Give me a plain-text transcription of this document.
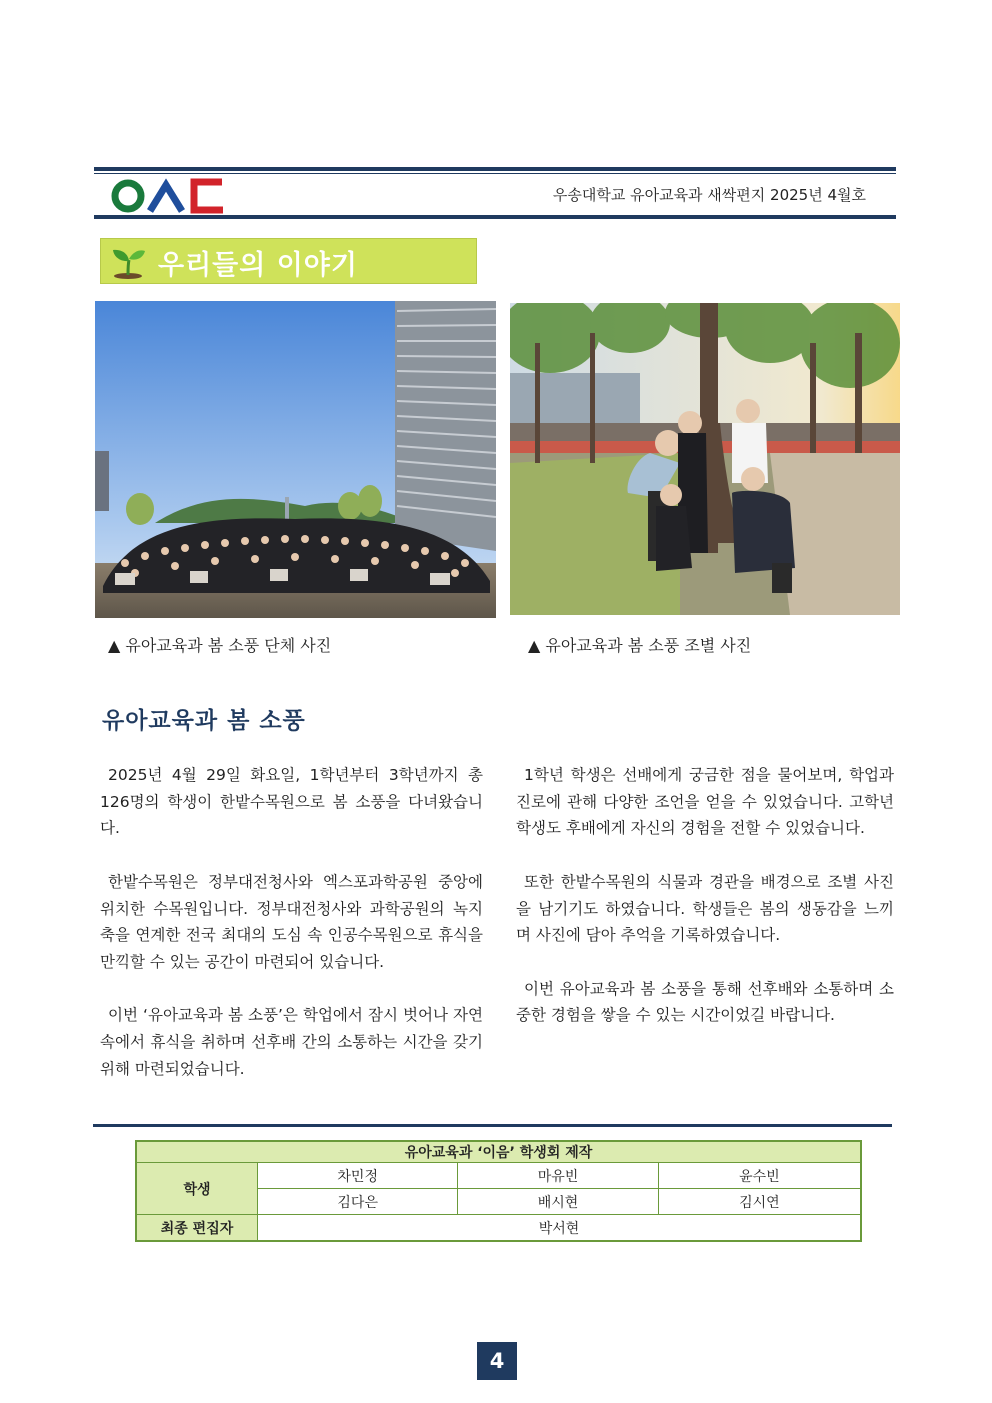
우송대학교 유아교육과 새싹편지 2025년 4월호
우리들의 이야기
▲ 유아교육과 봄 소풍 단체 사진	▲ 유아교육과 봄 소풍 조별 사진
유아교육과 봄 소풍

2025년 4월 29일 화요일, 1학년부터 3학년까지 총 126명의 학생이 한밭수목원으로 봄 소풍을 다녀왔습니다.

한밭수목원은 정부대전청사와 엑스포과학공원 중앙에 위치한 수목원입니다. 정부대전청사와 과학공원의 녹지축을 연계한 전국 최대의 도심 속 인공수목원으로 휴식을 만끽할 수 있는 공간이 마련되어 있습니다.

이번 ‘유아교육과 봄 소풍’은 학업에서 잠시 벗어나 자연 속에서 휴식을 취하며 선후배 간의 소통하는 시간을 갖기 위해 마련되었습니다.

1학년 학생은 선배에게 궁금한 점을 물어보며, 학업과 진로에 관해 다양한 조언을 얻을 수 있었습니다. 고학년 학생도 후배에게 자신의 경험을 전할 수 있었습니다.

또한 한밭수목원의 식물과 경관을 배경으로 조별 사진을 남기기도 하였습니다. 학생들은 봄의 생동감을 느끼며 사진에 담아 추억을 기록하였습니다.

이번 유아교육과 봄 소풍을 통해 선후배와 소통하며 소중한 경험을 쌓을 수 있는 시간이었길 바랍니다.

유아교육과 ‘이음’ 학생회 제작			
학생	차민정	마유빈	윤수빈
	김다은	배시현	김시연
최종 편집자	박서현		
4
